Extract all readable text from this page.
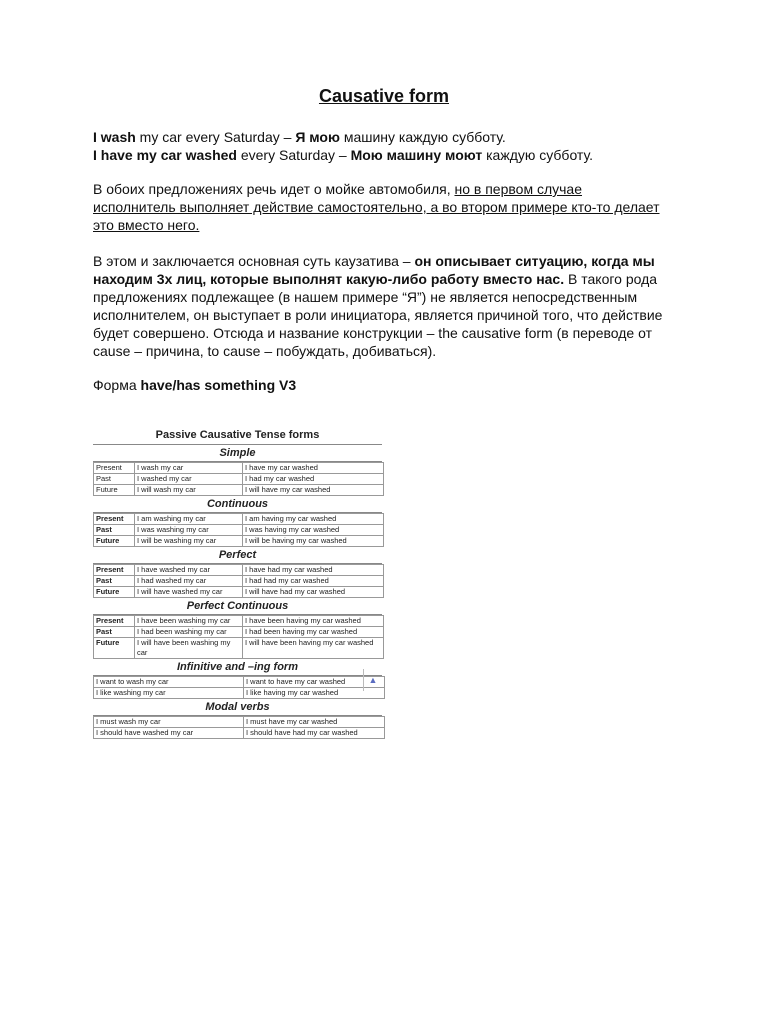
Causative form
I wash my car every Saturday – Я мою машину каждую субботу.
I have my car washed every Saturday – Мою машину моют каждую субботу.
В обоих предложениях речь идет о мойке автомобиля, но в первом случае
исполнитель выполняет действие самостоятельно, а во втором примере кто-то делает
это вместо него.
В этом и заключается основная суть каузатива – он описывает ситуацию, когда мы
находим 3х лиц, которые выполнят какую-либо работу вместо нас. В такого рода
предложениях подлежащее (в нашем примере “Я”) не является непосредственным
исполнителем, он выступает в роли инициатора, является причиной того, что действие
будет совершено. Отсюда и название конструкции – the causative form (в переводе от
cause – причина, to cause – побуждать, добиваться).
Форма have/has something V3
Passive Causative Tense forms
Simple
Present	I wash my car	I have my car washed
Past	I washed my car	I had my car washed
Future	I will wash my car	I will have my car washed
Continuous
Present	I am washing my car	I am having my car washed
Past	I was washing my car	I was having my car washed
Future	I will be washing my car	I will be having my car washed
Perfect
Present	I have washed my car	I have had my car washed
Past	I had washed my car	I had had my car washed
Future	I will have washed my car	I will have had my car washed
Perfect Continuous
Present	I have been washing my car	I have been having my car washed
Past	I had been washing my car	I had been having my car washed
Future	I will have been washing my car	I will have been having my car washed
Infinitive and –ing form
I want to wash my car	I want to have my car washed
I like washing my car	I like having my car washed
Modal verbs
I must wash my car	I must have my car washed
I should have washed my car	I should have had my car washed
▲
